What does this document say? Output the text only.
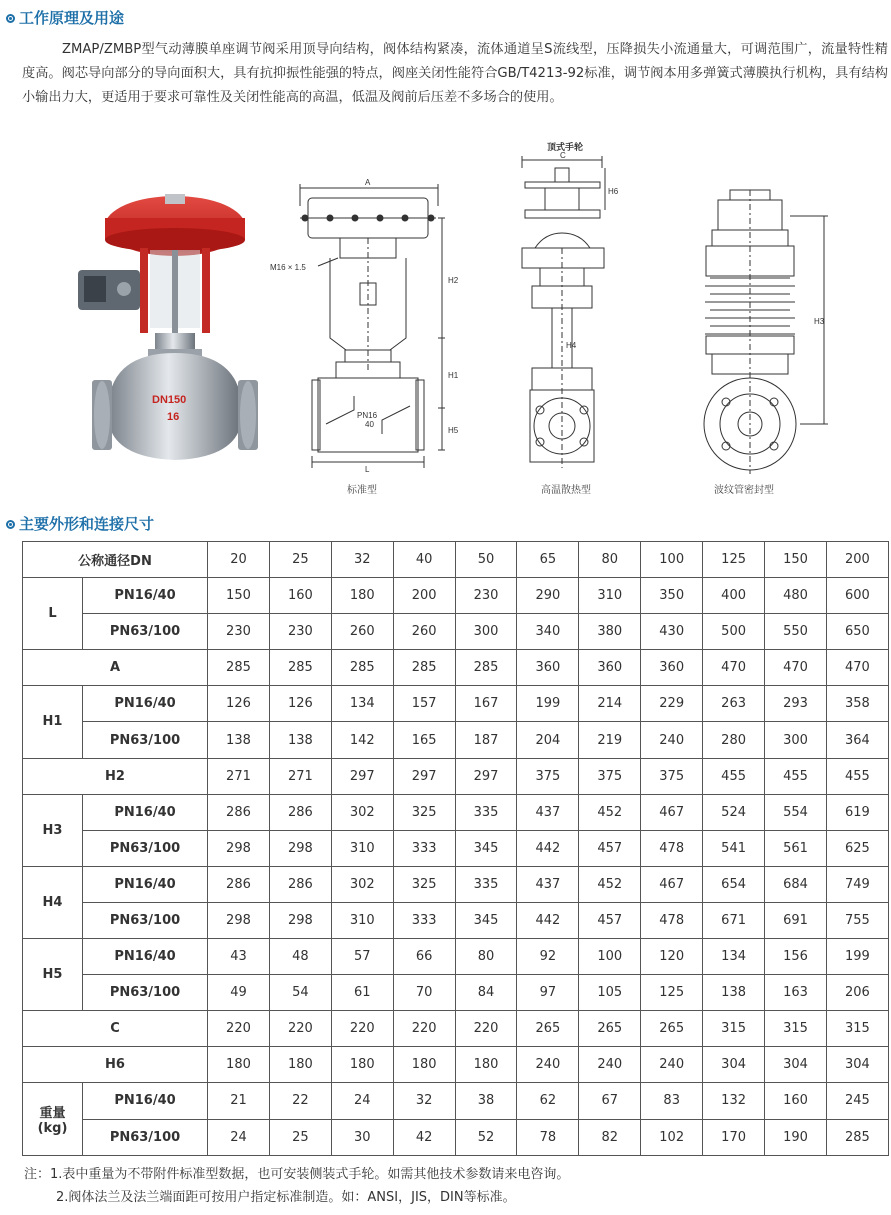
工作原理及用途
ZMAP/ZMBP型气动薄膜单座调节阀采用顶导向结构，阀体结构紧凑，流体通道呈S流线型，压降损失小流通量大，可调范围广，流量特性精度高。阀芯导向部分的导向面积大，具有抗抑振性能强的特点，阀座关闭性能符合GB/T4213-92标准，调节阀本用多弹簧式薄膜执行机构，具有结构小输出力大，更适用于要求可靠性及关闭性能高的高温，低温及阀前后压差不多场合的使用。
DN150
16
A
M16 × 1.5
H2
H1
H5
L
PN16
40
顶式手轮
C
H6
H4
H3
标准型	高温散热型	波纹管密封型
主要外形和连接尺寸
公称通径DN		20	25	32	40	50	65	80	100	125	150	200
L	PN16/40	150	160	180	200	230	290	310	350	400	480	600
	PN63/100	230	230	260	260	300	340	380	430	500	550	650
A		285	285	285	285	285	360	360	360	470	470	470
H1	PN16/40	126	126	134	157	167	199	214	229	263	293	358
	PN63/100	138	138	142	165	187	204	219	240	280	300	364
H2		271	271	297	297	297	375	375	375	455	455	455
H3	PN16/40	286	286	302	325	335	437	452	467	524	554	619
	PN63/100	298	298	310	333	345	442	457	478	541	561	625
H4	PN16/40	286	286	302	325	335	437	452	467	654	684	749
	PN63/100	298	298	310	333	345	442	457	478	671	691	755
H5	PN16/40	43	48	57	66	80	92	100	120	134	156	199
	PN63/100	49	54	61	70	84	97	105	125	138	163	206
C		220	220	220	220	220	265	265	265	315	315	315
H6		180	180	180	180	180	240	240	240	304	304	304
重量
(kg)	PN16/40	21	22	24	32	38	62	67	83	132	160	245
	PN63/100	24	25	30	42	52	78	82	102	170	190	285
注：1.表中重量为不带附件标准型数据，也可安装侧装式手轮。如需其他技术参数请来电咨询。
2.阀体法兰及法兰端面距可按用户指定标准制造。如：ANSI，JIS，DIN等标准。
